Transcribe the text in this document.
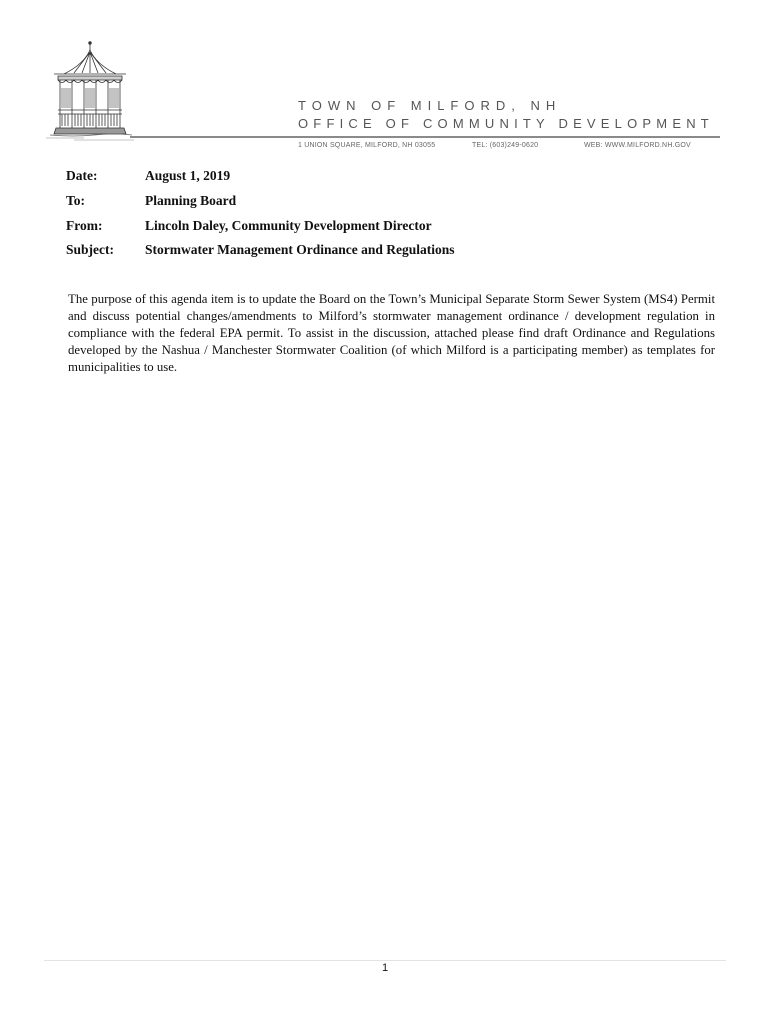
TOWN OF MILFORD, NH
OFFICE OF COMMUNITY DEVELOPMENT
1 UNION SQUARE, MILFORD, NH 03055	TEL: (603)249-0620	WEB: WWW.MILFORD.NH.GOV
Date:	August 1, 2019
To:	Planning Board
From:	Lincoln Daley, Community Development Director
Subject: Stormwater Management Ordinance and Regulations

The purpose of this agenda item is to update the Board on the Town’s Municipal Separate Storm Sewer System (MS4) Permit and discuss potential changes/amendments to Milford’s stormwater management ordinance / development regulation in compliance with the federal EPA permit. To assist in the discussion, attached please find draft Ordinance and Regulations developed by the Nashua / Manchester Stormwater Coalition (of which Milford is a participating member) as templates for municipalities to use.

1
